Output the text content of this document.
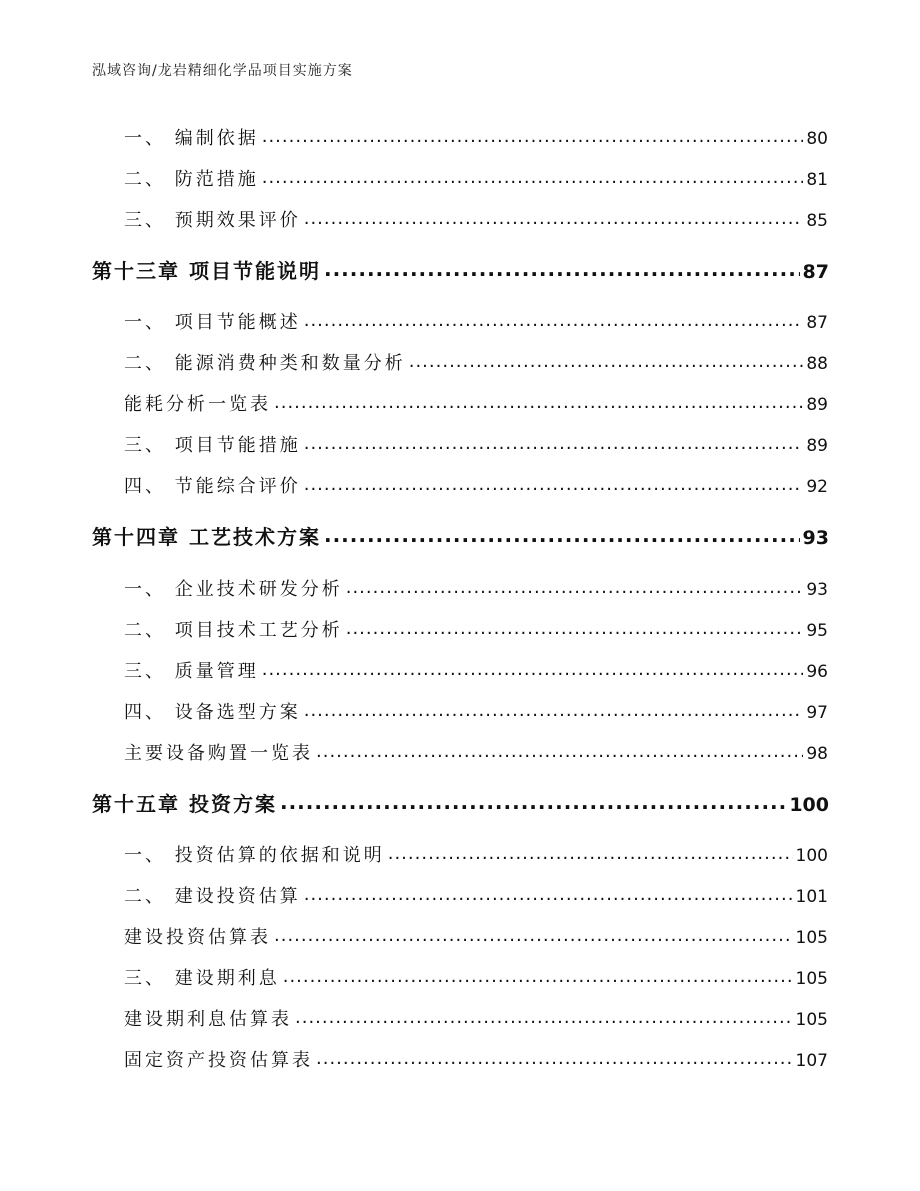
泓域咨询/龙岩精细化学品项目实施方案
一、 编制依据 .....	80
二、 防范措施 .....	81
三、 预期效果评价 .....	85
第十三章 项目节能说明 .....	87
一、 项目节能概述 .....	87
二、 能源消费种类和数量分析 .....	88
能耗分析一览表 .....	89
三、 项目节能措施 .....	89
四、 节能综合评价 .....	92
第十四章 工艺技术方案 .....	93
一、 企业技术研发分析 .....	93
二、 项目技术工艺分析 .....	95
三、 质量管理 .....	96
四、 设备选型方案 .....	97
主要设备购置一览表 .....	98
第十五章 投资方案 .....	100
一、 投资估算的依据和说明 .....	100
二、 建设投资估算 .....	101
建设投资估算表 .....	105
三、 建设期利息 .....	105
建设期利息估算表 .....	105
固定资产投资估算表 .....	107
